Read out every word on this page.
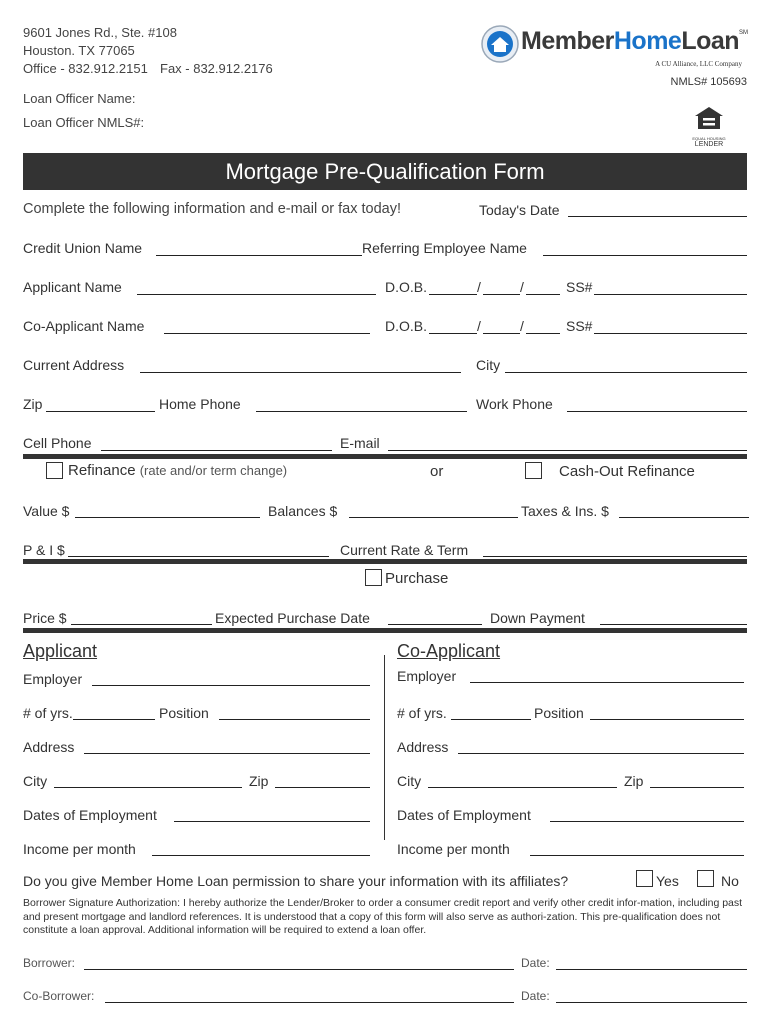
9601 Jones Rd., Ste. #108
Houston. TX 77065
Office - 832.912.2151 Fax - 832.912.2176
Loan Officer Name:
Loan Officer NMLS#:
MemberHomeLoan SM
A CU Alliance, LLC Company
NMLS# 105693
EQUAL HOUSING
LENDER
Mortgage Pre-Qualification Form
Complete the following information and e-mail or fax today!	Today's Date
Credit Union Name	Referring Employee Name
Applicant Name	D.O.B.	/	/	SS#
Co-Applicant Name	D.O.B.	/	/	SS#
Current Address	City
Zip	Home Phone	Work Phone
Cell Phone	E-mail
Refinance (rate and/or term change)	or	Cash-Out Refinance
Value $	Balances $	Taxes & Ins. $
P & I $	Current Rate & Term
Purchase
Price $	Expected Purchase Date	Down Payment
Applicant
Employer
# of yrs.	Position
Address
City	Zip
Dates of Employment
Income per month
Co-Applicant
Employer
# of yrs.	Position
Address
City	Zip
Dates of Employment
Income per month
Do you give Member Home Loan permission to share your information with its affiliates?	Yes	No
Borrower Signature Authorization: I hereby authorize the Lender/Broker to order a consumer credit report and verify other credit infor-mation, including past and present mortgage and landlord references. It is understood that a copy of this form will also serve as authori-zation. This pre-qualification does not constitute a loan approval. Additional information will be required to extend a loan offer.
Borrower:	Date:
Co-Borrower:	Date:
